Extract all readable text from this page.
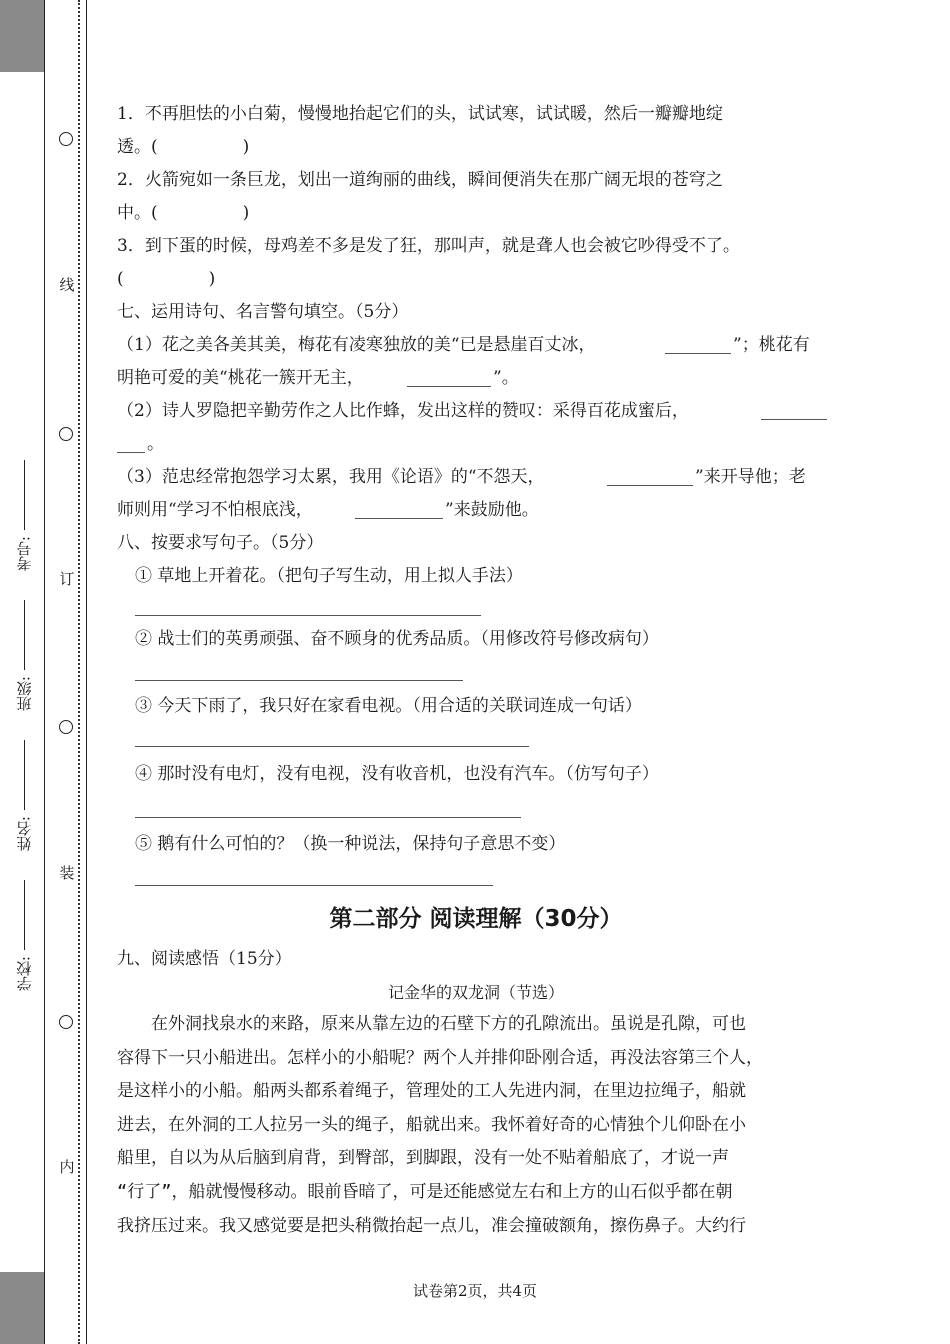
线
订
装
内
学校:
姓名:
班级:
考号:
1．不再胆怯的小白菊，慢慢地抬起它们的头，试试寒，试试暖，然后一瓣瓣地绽
透。(　　　　　)
2．火箭宛如一条巨龙，划出一道绚丽的曲线，瞬间便消失在那广阔无垠的苍穹之
中。(　　　　　)
3．到下蛋的时候，母鸡差不多是发了狂，那叫声，就是聋人也会被它吵得受不了。
(　　　　　)
七、运用诗句、名言警句填空。（5分）
（1）花之美各美其美，梅花有凌寒独放的美“已是悬崖百丈冰，	”；桃花有
明艳可爱的美“桃花一簇开无主，	”。
（2）诗人罗隐把辛勤劳作之人比作蜂，发出这样的赞叹：采得百花成蜜后，
。
（3）范忠经常抱怨学习太累，我用《论语》的“不怨天，	”来开导他；老
师则用“学习不怕根底浅，	”来鼓励他。
八、按要求写句子。（5分）
① 草地上开着花。（把句子写生动，用上拟人手法）
② 战士们的英勇顽强、奋不顾身的优秀品质。（用修改符号修改病句）
③ 今天下雨了，我只好在家看电视。（用合适的关联词连成一句话）
④ 那时没有电灯，没有电视，没有收音机，也没有汽车。（仿写句子）
⑤ 鹅有什么可怕的？（换一种说法，保持句子意思不变）
第二部分 阅读理解（30分）
九、阅读感悟（15分）
记金华的双龙洞（节选）
在外洞找泉水的来路，原来从靠左边的石壁下方的孔隙流出。虽说是孔隙，可也
容得下一只小船进出。怎样小的小船呢？两个人并排仰卧刚合适，再没法容第三个人，
是这样小的小船。船两头都系着绳子，管理处的工人先进内洞，在里边拉绳子，船就
进去，在外洞的工人拉另一头的绳子，船就出来。我怀着好奇的心情独个儿仰卧在小
船里，自以为从后脑到肩背，到臀部，到脚跟，没有一处不贴着船底了，才说一声
“行了”，船就慢慢移动。眼前昏暗了，可是还能感觉左右和上方的山石似乎都在朝
我挤压过来。我又感觉要是把头稍微抬起一点儿，准会撞破额角，擦伤鼻子。大约行
试卷第2页，共4页
